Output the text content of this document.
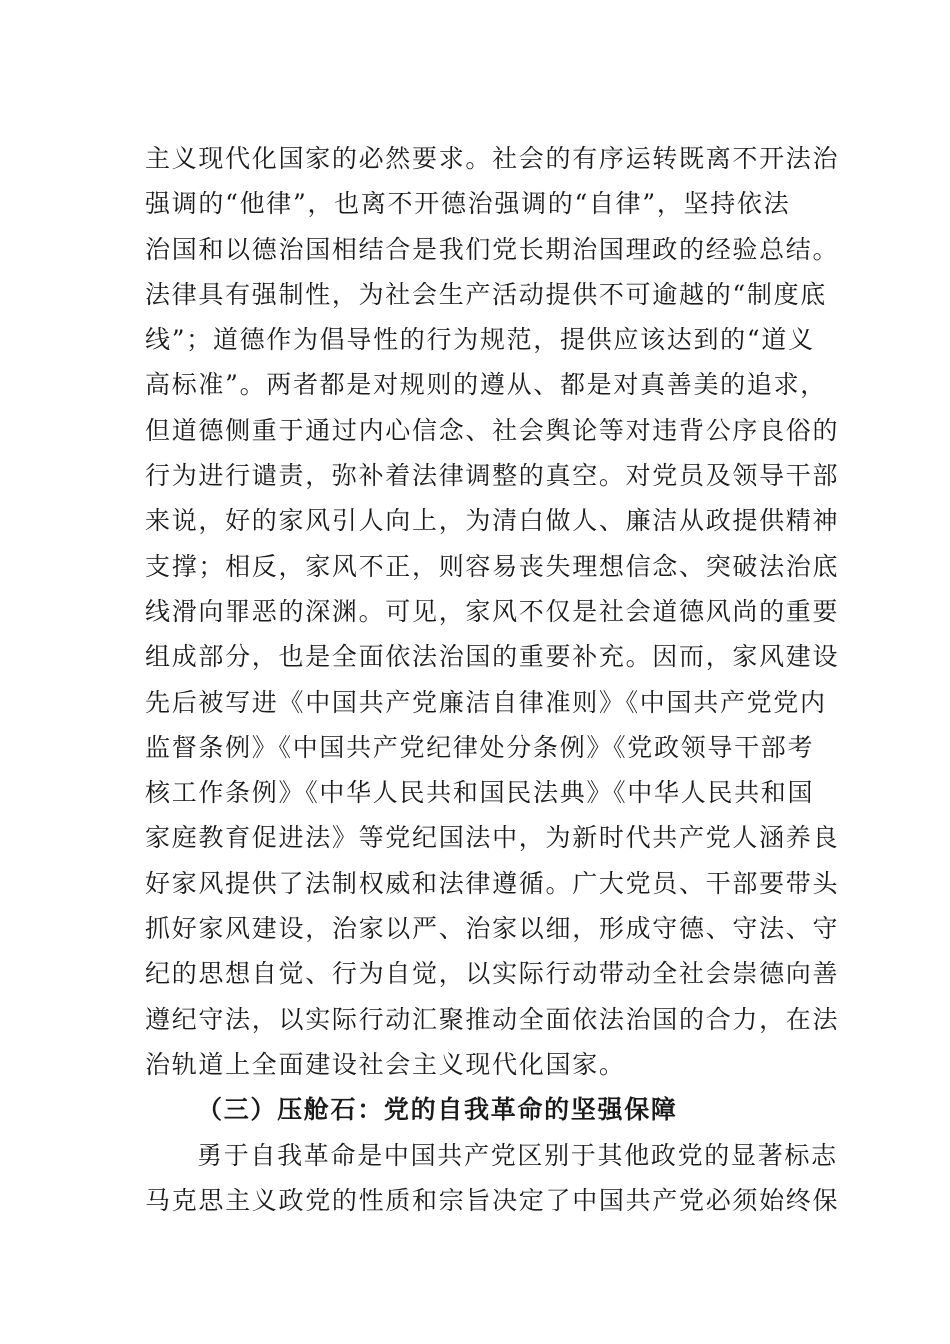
主义现代化国家的必然要求。社会的有序运转既离不开法治
强调的“他律”，也离不开德治强调的“自律”，坚持依法
治国和以德治国相结合是我们党长期治国理政的经验总结。
法律具有强制性，为社会生产活动提供不可逾越的“制度底
线”；道德作为倡导性的行为规范，提供应该达到的“道义
高标准”。两者都是对规则的遵从、都是对真善美的追求，
但道德侧重于通过内心信念、社会舆论等对违背公序良俗的
行为进行谴责，弥补着法律调整的真空。对党员及领导干部
来说，好的家风引人向上，为清白做人、廉洁从政提供精神
支撑；相反，家风不正，则容易丧失理想信念、突破法治底
线滑向罪恶的深渊。可见，家风不仅是社会道德风尚的重要
组成部分，也是全面依法治国的重要补充。因而，家风建设
先后被写进《中国共产党廉洁自律准则》《中国共产党党内
监督条例》《中国共产党纪律处分条例》《党政领导干部考
核工作条例》《中华人民共和国民法典》《中华人民共和国
家庭教育促进法》等党纪国法中，为新时代共产党人涵养良
好家风提供了法制权威和法律遵循。广大党员、干部要带头
抓好家风建设，治家以严、治家以细，形成守德、守法、守
纪的思想自觉、行为自觉，以实际行动带动全社会崇德向善
遵纪守法，以实际行动汇聚推动全面依法治国的合力，在法
治轨道上全面建设社会主义现代化国家。
（三）压舱石：党的自我革命的坚强保障
勇于自我革命是中国共产党区别于其他政党的显著标志
马克思主义政党的性质和宗旨决定了中国共产党必须始终保
